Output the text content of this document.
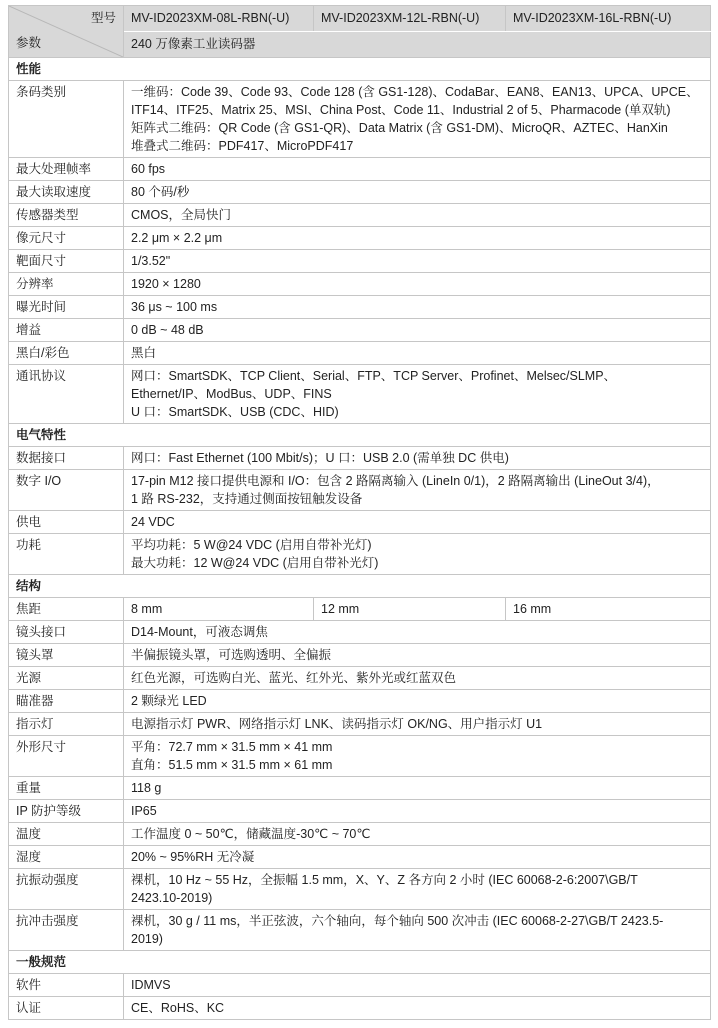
型号
参数	MV-ID2023XM-08L-RBN(-U)	MV-ID2023XM-12L-RBN(-U)	MV-ID2023XM-16L-RBN(-U)
	240 万像素工业读码器		
性能			
条码类别	一维码：Code 39、Code 93、Code 128 (含 GS1-128)、CodaBar、EAN8、EAN13、UPCA、UPCE、
ITF14、ITF25、Matrix 25、MSI、China Post、Code 11、Industrial 2 of 5、Pharmacode (单双轨)
矩阵式二维码：QR Code (含 GS1-QR)、Data Matrix (含 GS1-DM)、MicroQR、AZTEC、HanXin
堆叠式二维码：PDF417、MicroPDF417		

最大处理帧率	60 fps		

最大读取速度	80 个码/秒		

传感器类型	CMOS，全局快门		

像元尺寸	2.2 μm × 2.2 μm		

靶面尺寸	1/3.52"		

分辨率	1920 × 1280		

曝光时间	36 μs ~ 100 ms		

增益	0 dB ~ 48 dB		

黑白/彩色	黑白		

通讯协议	网口：SmartSDK、TCP Client、Serial、FTP、TCP Server、Profinet、Melsec/SLMP、
Ethernet/IP、ModBus、UDP、FINS
U 口：SmartSDK、USB (CDC、HID)		

电气特性			
数据接口	网口：Fast Ethernet (100 Mbit/s)；U 口：USB 2.0 (需单独 DC 供电)		

数字 I/O	17-pin M12 接口提供电源和 I/O：包含 2 路隔离输入 (LineIn 0/1)，2 路隔离输出 (LineOut 3/4)，
1 路 RS-232，支持通过侧面按钮触发设备		

供电	24 VDC		

功耗	平均功耗：5 W@24 VDC (启用自带补光灯)
最大功耗：12 W@24 VDC (启用自带补光灯)		

结构			
焦距	8 mm	12 mm	16 mm
镜头接口	D14-Mount，可液态调焦		

镜头罩	半偏振镜头罩，可选购透明、全偏振		

光源	红色光源，可选购白光、蓝光、红外光、紫外光或红蓝双色		

瞄准器	2 颗绿光 LED		

指示灯	电源指示灯 PWR、网络指示灯 LNK、读码指示灯 OK/NG、用户指示灯 U1		

外形尺寸	平角：72.7 mm × 31.5 mm × 41 mm
直角：51.5 mm × 31.5 mm × 61 mm		

重量	118 g		

IP 防护等级	IP65		

温度	工作温度 0 ~ 50℃，储藏温度-30℃ ~ 70℃		

湿度	20% ~ 95%RH 无冷凝		

抗振动强度	裸机，10 Hz ~ 55 Hz，全振幅 1.5 mm，X、Y、Z 各方向 2 小时 (IEC 60068-2-6:2007\GB/T
2423.10-2019)		

抗冲击强度	裸机，30 g / 11 ms，半正弦波，六个轴向，每个轴向 500 次冲击 (IEC 60068-2-27\GB/T 2423.5-
2019)		

一般规范			
软件	IDMVS		

认证	CE、RoHS、KC		
